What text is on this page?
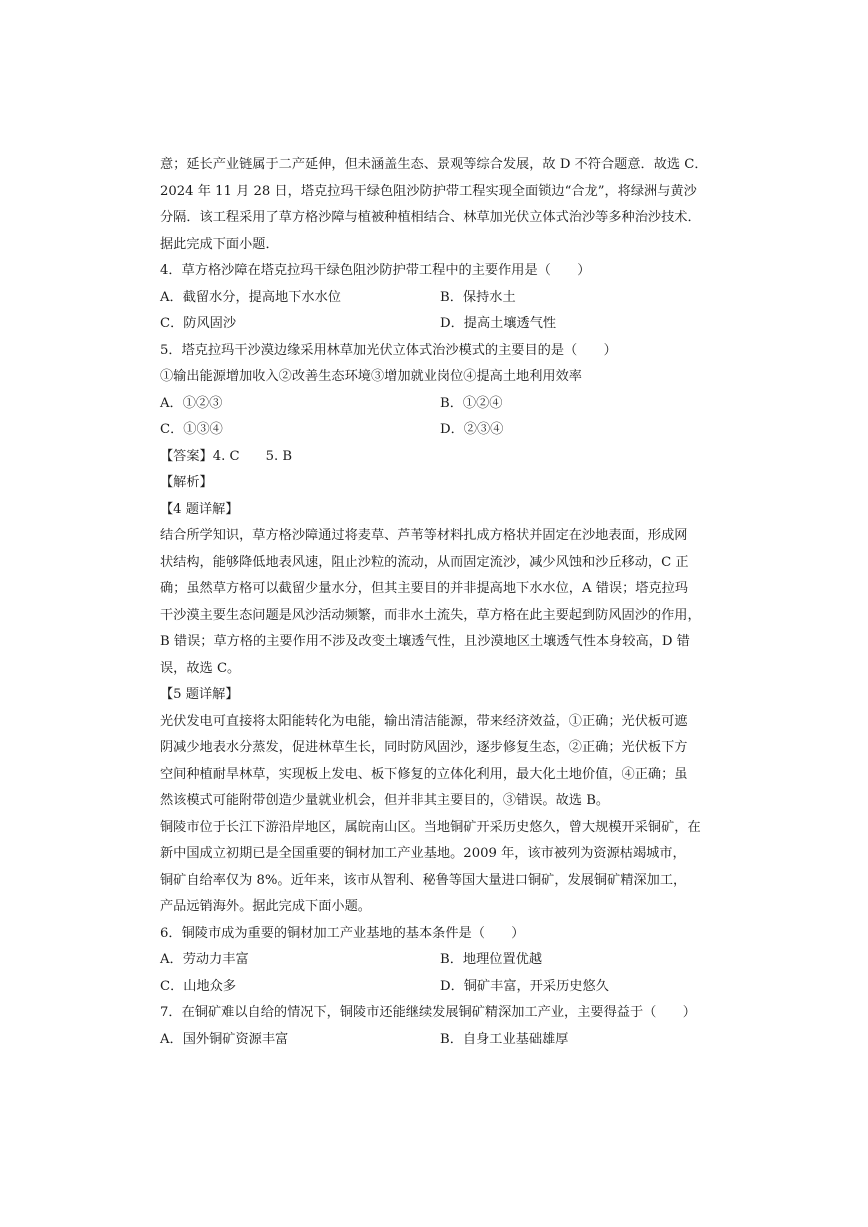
意；延长产业链属于二产延伸，但未涵盖生态、景观等综合发展，故 D 不符合题意．故选 C．
2024 年 11 月 28 日，塔克拉玛干绿色阻沙防护带工程实现全面锁边“合龙”，将绿洲与黄沙
分隔．该工程采用了草方格沙障与植被种植相结合、林草加光伏立体式治沙等多种治沙技术．
据此完成下面小题．
4．草方格沙障在塔克拉玛干绿色阻沙防护带工程中的主要作用是（　　）
A．截留水分，提高地下水水位	B．保持水土
C．防风固沙	D．提高土壤透气性
5．塔克拉玛干沙漠边缘采用林草加光伏立体式治沙模式的主要目的是（　　）
①输出能源增加收入②改善生态环境③增加就业岗位④提高土地利用效率
A．①②③	B．①②④
C．①③④	D．②③④
【答案】4. C 5. B
【解析】
【4 题详解】
结合所学知识，草方格沙障通过将麦草、芦苇等材料扎成方格状并固定在沙地表面，形成网
状结构，能够降低地表风速，阻止沙粒的流动，从而固定流沙，减少风蚀和沙丘移动，C 正
确；虽然草方格可以截留少量水分，但其主要目的并非提高地下水水位，A 错误；塔克拉玛
干沙漠主要生态问题是风沙活动频繁，而非水土流失，草方格在此主要起到防风固沙的作用，
B 错误；草方格的主要作用不涉及改变土壤透气性，且沙漠地区土壤透气性本身较高，D 错
误，故选 C。
【5 题详解】
光伏发电可直接将太阳能转化为电能，输出清洁能源，带来经济效益，①正确；光伏板可遮
阴减少地表水分蒸发，促进林草生长，同时防风固沙，逐步修复生态，②正确；光伏板下方
空间种植耐旱林草，实现板上发电、板下修复的立体化利用，最大化土地价值，④正确；虽
然该模式可能附带创造少量就业机会，但并非其主要目的，③错误。故选 B。
铜陵市位于长江下游沿岸地区，属皖南山区。当地铜矿开采历史悠久，曾大规模开采铜矿，在
新中国成立初期已是全国重要的铜材加工产业基地。2009 年，该市被列为资源枯竭城市，
铜矿自给率仅为 8%。近年来，该市从智利、秘鲁等国大量进口铜矿，发展铜矿精深加工，
产品远销海外。据此完成下面小题。
6．铜陵市成为重要的铜材加工产业基地的基本条件是（　　）
A．劳动力丰富	B．地理位置优越
C．山地众多	D．铜矿丰富，开采历史悠久
7．在铜矿难以自给的情况下，铜陵市还能继续发展铜矿精深加工产业，主要得益于（　　）
A．国外铜矿资源丰富	B．自身工业基础雄厚
